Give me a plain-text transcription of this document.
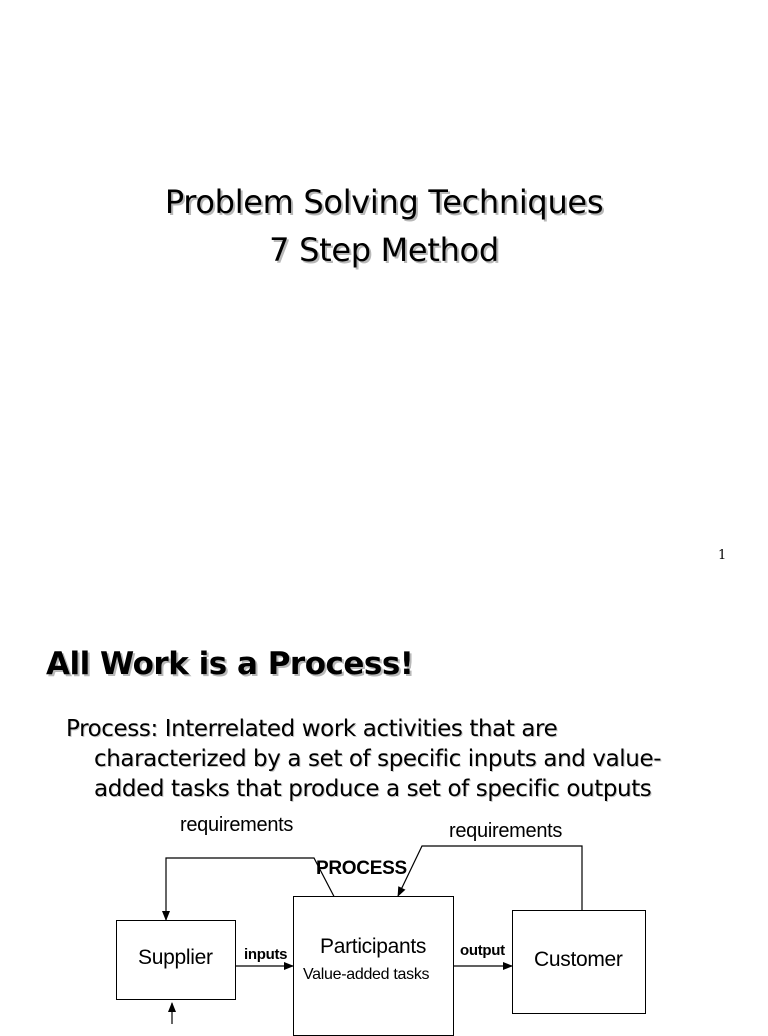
Problem Solving Techniques
7 Step Method
1
All Work is a Process!
Process: Interrelated work activities that are
characterized by a set of specific inputs and value-
added tasks that produce a set of specific outputs
Supplier	Participants
Value-added tasks
Customer
PROCESS
inputs	output
requirements	requirements
